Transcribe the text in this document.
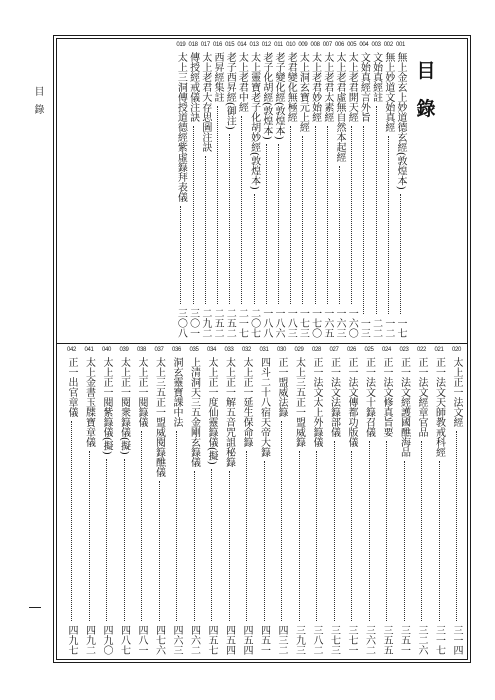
目錄
目
錄
001
無上金玄上妙道德玄經(敦煌本)
一七
002
無上妙道文始真經
一二
003
文始真經註
二二
004
文始真經言外旨
一三
005
太上老君開天經
一六〇
006
太上老君虛無自然本起經
一六三
007
太上老君太素經
一六五
008
太上老君妙始經
一七〇
009
太上洞玄寶元上經
一七三
010
老君變化無極經
一八三
011
老子變化經(敦煌本)
一八六
012
老子化胡經(敦煌本)
一八八
013
太上靈寶老子化胡妙經(敦煌本)
二〇七
014
太上老君中經
二一七
015
老子西昇經(御注)
二五二
016
西昇經集註
二五二
017
太上老君大存思圖注訣
二九二
018
傳授經戒儀注訣
三〇一
019
太上三洞傳授道德經紫虛籙拜表儀
三〇八
020
太上正一法文經
三一四
021
正一法文天師教戒科經
三一七
022
正一法文經章官品
三二六
023
正一法文經護國醮海品
三五一
024
正一法文修真旨要
三五五
025
正一法文十籙召儀
三六二
026
正一法文傳都功版儀
三七一
027
正一法文法籙部儀
三七三
028
正一法文太上外籙儀
三八二
029
太上三五正一盟威籙
三九三
030
正一盟威法籙
四三二
031
四斗二十八宿天帝大籙
四五一
032
太上正一延生保命籙
四五四
033
太上正一解五音咒詛秘籙
四五四
034
太上正一度仙靈籙儀(擬)
四五七
035
上清洞天三五金剛玄籙儀
四六二
036
洞玄靈寶課中法
四六三
037
太上三五正一盟威閱籙醮儀
四七六
038
太上正一閱籙儀
四八一
039
太上正一閱衆籙儀(擬)
四八七
040
太上正一閱紫籙儀(擬)
四九〇
041
太上金書玉牒寶章儀
四九二
042
正一出官章儀
四九七
